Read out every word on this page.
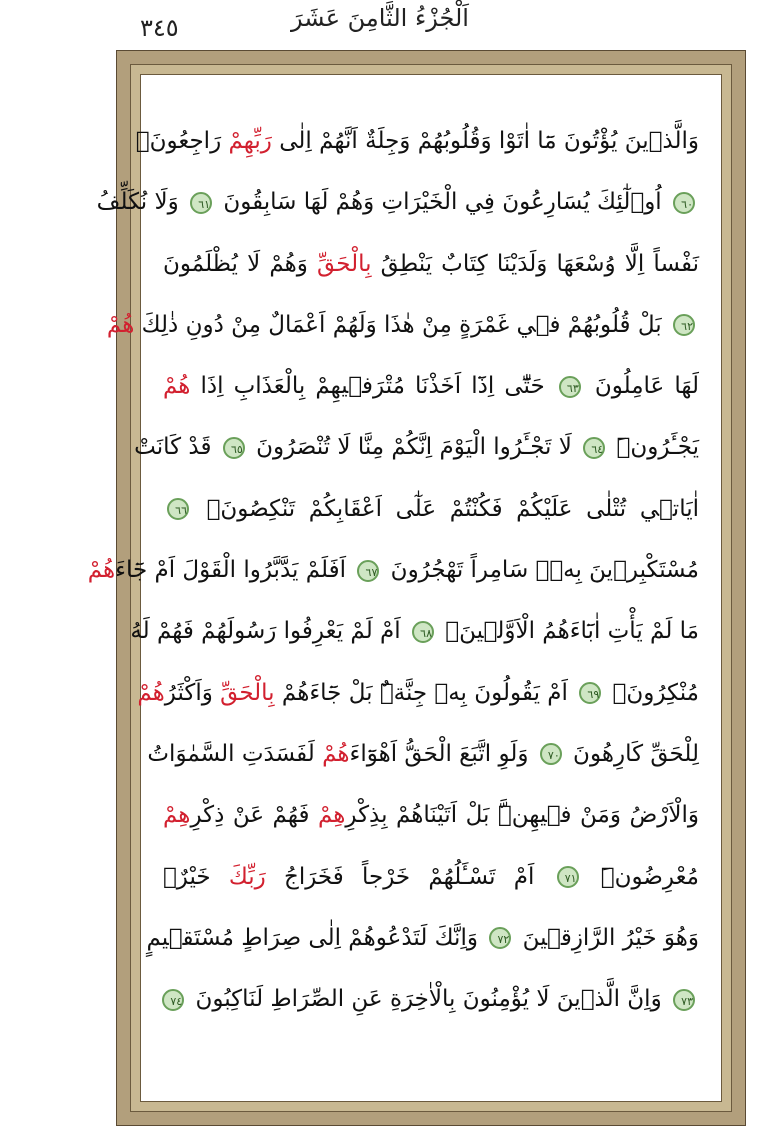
اَلْجُزْءُ الثَّامِنَ عَشَرَ
٣٤٥
وَالَّذ۪ينَ يُؤْتُونَ مَٓا اٰتَوْا وَقُلُوبُهُمْ وَجِلَةٌ اَنَّهُمْ اِلٰى رَبِّهِمْ رَاجِعُونَۙ
٦٠ اُو۬لٰٓئِكَ يُسَارِعُونَ فِي الْخَيْرَاتِ وَهُمْ لَهَا سَابِقُونَ ٦١ وَلَا نُكَلِّفُ
نَفْساً اِلَّا وُسْعَهَا وَلَدَيْنَا كِتَابٌ يَنْطِقُ بِالْحَقِّ وَهُمْ لَا يُظْلَمُونَ
٦٢ بَلْ قُلُوبُهُمْ ف۪ي غَمْرَةٍ مِنْ هٰذَا وَلَهُمْ اَعْمَالٌ مِنْ دُونِ ذٰلِكَ هُمْ
لَهَا عَامِلُونَ ٦٣ حَتّٰٓى اِذَٓا اَخَذْنَا مُتْرَف۪يهِمْ بِالْعَذَابِ اِذَا هُمْ
يَجْـَٔرُونَۜ ٦٤ لَا تَجْـَٔرُوا الْيَوْمَ اِنَّكُمْ مِنَّا لَا تُنْصَرُونَ ٦٥ قَدْ كَانَتْ
اٰيَات۪ي تُتْلٰى عَلَيْكُمْ فَكُنْتُمْ عَلٰٓى اَعْقَابِكُمْ تَنْكِصُونَۙ ٦٦
مُسْتَكْبِر۪ينَ بِه۪ۗ سَامِراً تَهْجُرُونَ ٦٧ اَفَلَمْ يَدَّبَّرُوا الْقَوْلَ اَمْ جَٓاءَهُمْ
مَا لَمْ يَأْتِ اٰبَٓاءَهُمُ الْاَوَّل۪ينَۘ ٦٨ اَمْ لَمْ يَعْرِفُوا رَسُولَهُمْ فَهُمْ لَهُ
مُنْكِرُونَۘ ٦٩ اَمْ يَقُولُونَ بِه۪ جِنَّةٌۜ بَلْ جَٓاءَهُمْ بِالْحَقِّ وَاَكْثَرُهُمْ
لِلْحَقِّ كَارِهُونَ ٧٠ وَلَوِ اتَّبَعَ الْحَقُّ اَهْوَٓاءَهُمْ لَفَسَدَتِ السَّمٰوَاتُ
وَالْاَرْضُ وَمَنْ ف۪يهِنَّۜ بَلْ اَتَيْنَاهُمْ بِذِكْرِهِمْ فَهُمْ عَنْ ذِكْرِهِمْ
مُعْرِضُونَۜ ٧١ اَمْ تَسْـَٔلُهُمْ خَرْجاً فَخَرَاجُ رَبِّكَ خَيْرٌۗ
وَهُوَ خَيْرُ الرَّازِق۪ينَ ٧٢ وَاِنَّكَ لَتَدْعُوهُمْ اِلٰى صِرَاطٍ مُسْتَق۪يمٍ
٧٣ وَاِنَّ الَّذ۪ينَ لَا يُؤْمِنُونَ بِالْاٰخِرَةِ عَنِ الصِّرَاطِ لَنَاكِبُونَ ٧٤
